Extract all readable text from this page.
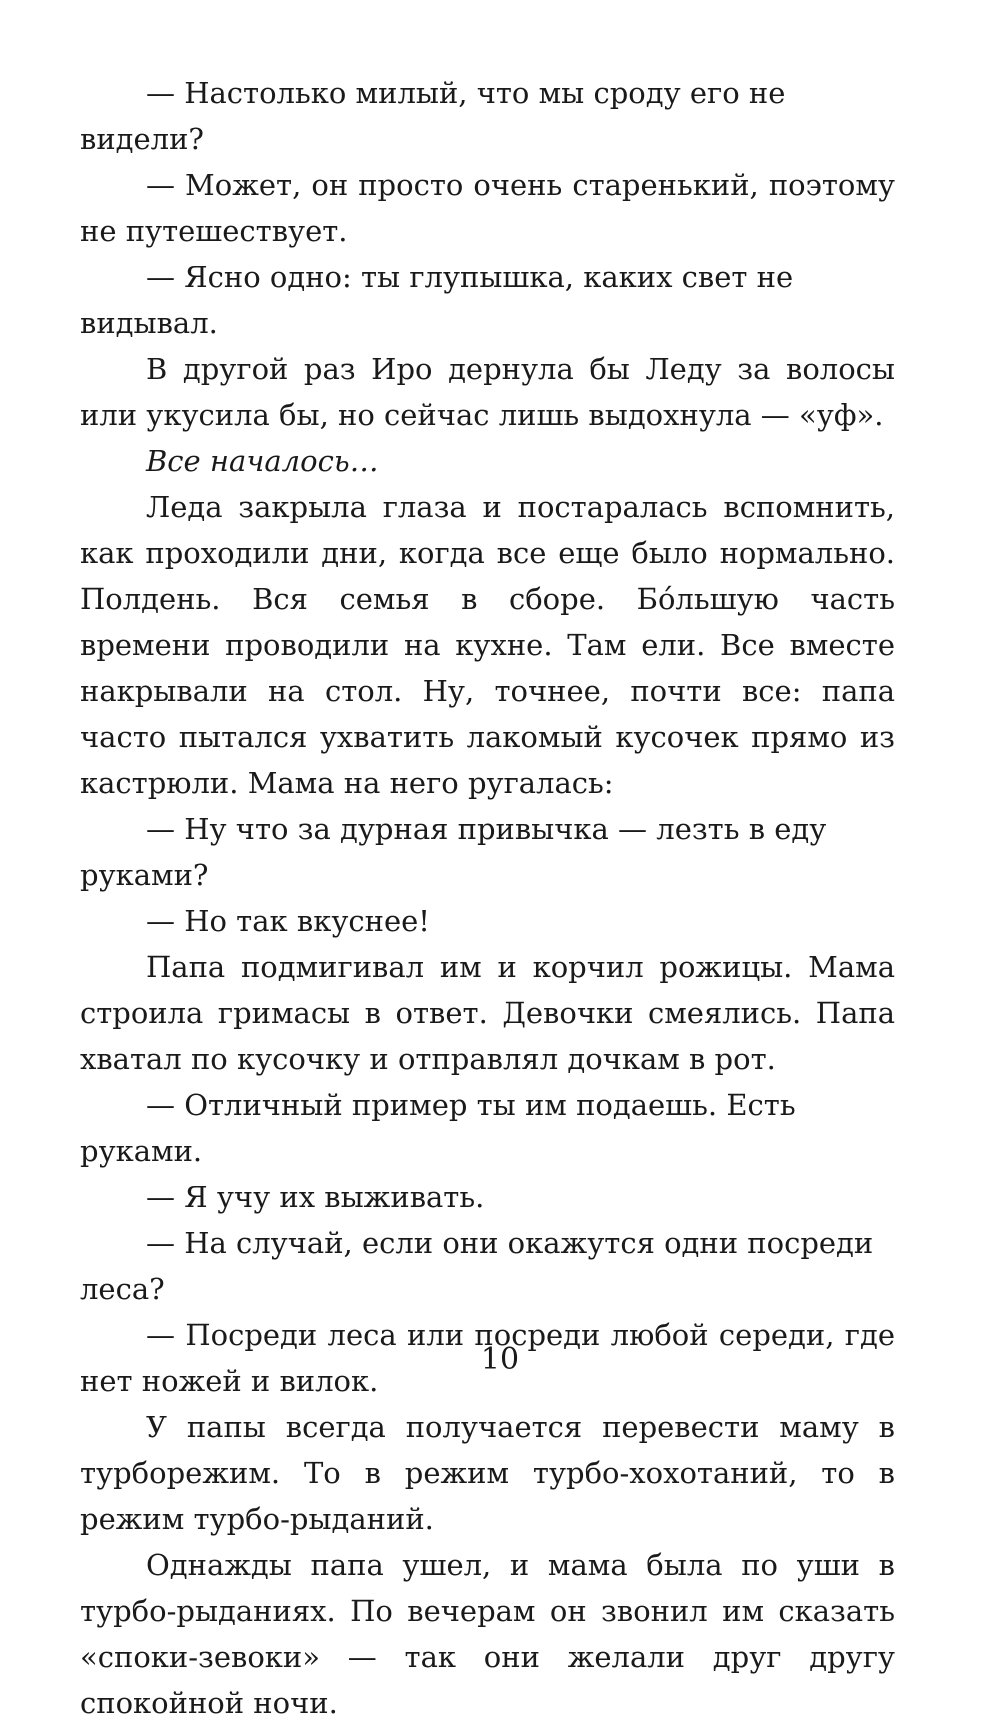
— Настолько милый, что мы сроду его не видели?

— Может, он просто очень старенький, поэтому не путешествует.

— Ясно одно: ты глупышка, каких свет не видывал.

В другой раз Иро дернула бы Леду за волосы или укусила бы, но сейчас лишь выдохнула — «уф».

Все началось…

Леда закрыла глаза и постаралась вспомнить, как проходили дни, когда все еще было нормально. Полдень. Вся семья в сборе. Бóльшую часть времени проводили на кухне. Там ели. Все вместе накрывали на стол. Ну, точнее, почти все: папа часто пытался ухватить лакомый кусочек прямо из кастрюли. Мама на него ругалась:

— Ну что за дурная привычка — лезть в еду руками?

— Но так вкуснее!

Папа подмигивал им и корчил рожицы. Мама строила гримасы в ответ. Девочки смеялись. Папа хватал по кусочку и отправлял дочкам в рот.

— Отличный пример ты им подаешь. Есть руками.

— Я учу их выживать.

— На случай, если они окажутся одни посреди леса?

— Посреди леса или посреди любой середи, где нет ножей и вилок.

У папы всегда получается перевести маму в турборежим. То в режим турбо-хохотаний, то в режим турбо-рыданий.

Однажды папа ушел, и мама была по уши в турбо-рыданиях. По вечерам он звонил им сказать «споки-зевоки» — так они желали друг другу спокойной ночи.

10
